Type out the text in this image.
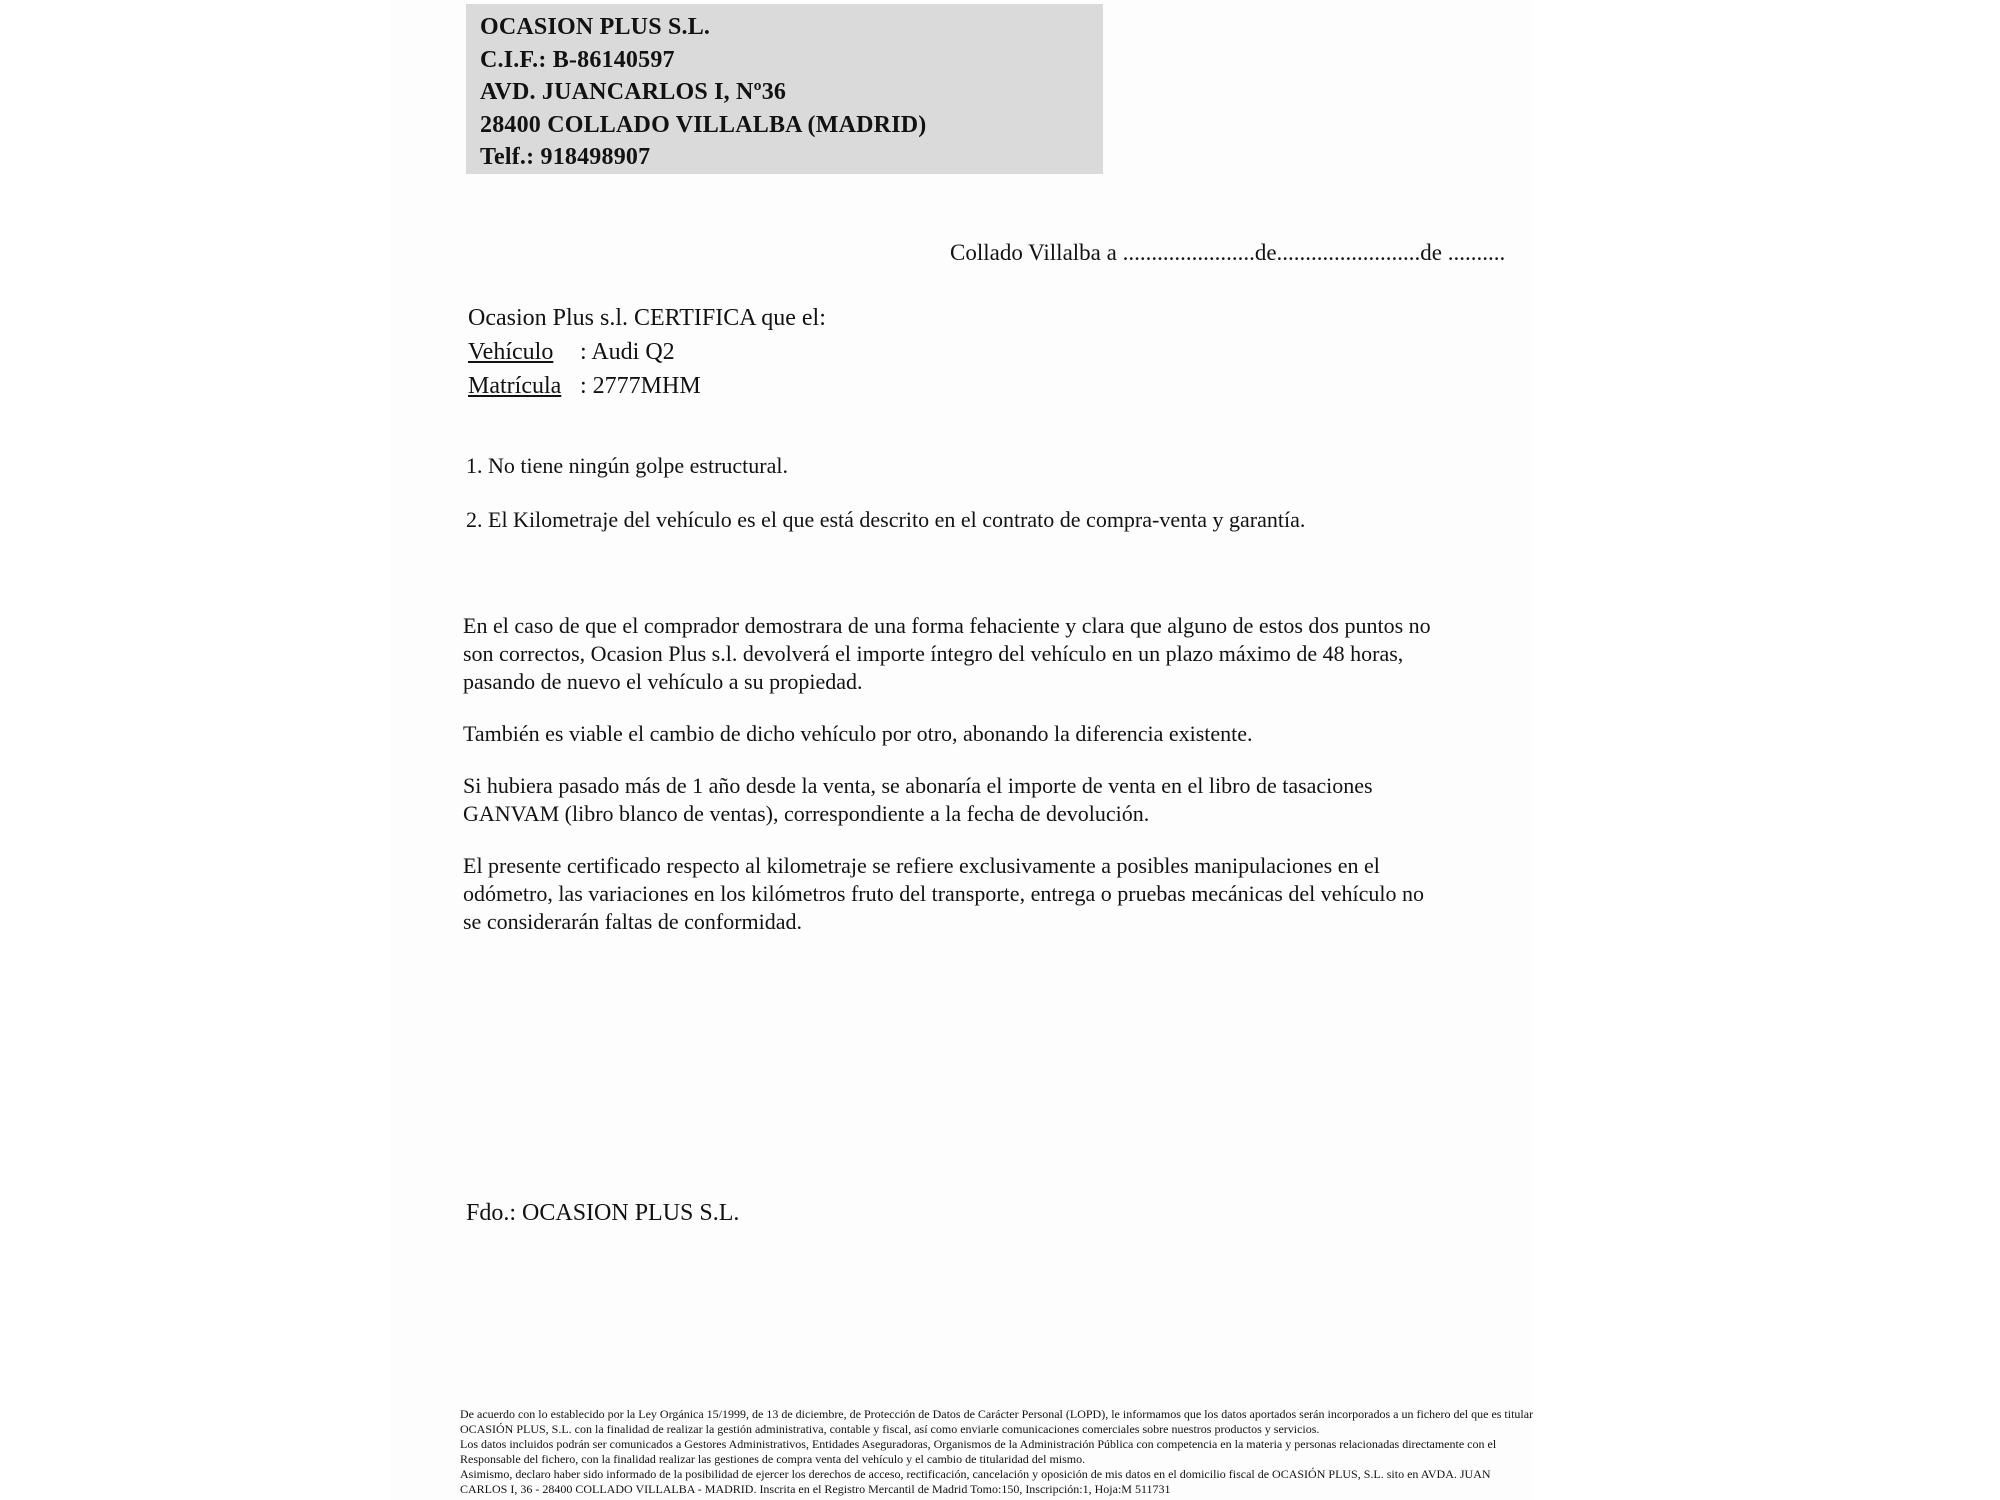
OCASION PLUS S.L.
C.I.F.: B-86140597
AVD. JUANCARLOS I, Nº36
28400 COLLADO VILLALBA (MADRID)
Telf.: 918498907
Collado Villalba a .......................de.........................de ..........
Ocasion Plus s.l. CERTIFICA que el:
Vehículo	: Audi Q2
Matrícula : 2777MHM
1. No tiene ningún golpe estructural.
2. El Kilometraje del vehículo es el que está descrito en el contrato de compra-venta y garantía.
En el caso de que el comprador demostrara de una forma fehaciente y clara que alguno de estos dos puntos no
son correctos, Ocasion Plus s.l. devolverá el importe íntegro del vehículo en un plazo máximo de 48 horas,
pasando de nuevo el vehículo a su propiedad.
También es viable el cambio de dicho vehículo por otro, abonando la diferencia existente.
Si hubiera pasado más de 1 año desde la venta, se abonaría el importe de venta en el libro de tasaciones
GANVAM (libro blanco de ventas), correspondiente a la fecha de devolución.
El presente certificado respecto al kilometraje se refiere exclusivamente a posibles manipulaciones en el
odómetro, las variaciones en los kilómetros fruto del transporte, entrega o pruebas mecánicas del vehículo no
se considerarán faltas de conformidad.
Fdo.: OCASION PLUS S.L.
De acuerdo con lo establecido por la Ley Orgánica 15/1999, de 13 de diciembre, de Protección de Datos de Carácter Personal (LOPD), le informamos que los datos aportados serán incorporados a un fichero del que es titular
OCASIÓN PLUS, S.L. con la finalidad de realizar la gestión administrativa, contable y fiscal, así como enviarle comunicaciones comerciales sobre nuestros productos y servicios.
Los datos incluidos podrán ser comunicados a Gestores Administrativos, Entidades Aseguradoras, Organismos de la Administración Pública con competencia en la materia y personas relacionadas directamente con el
Responsable del fichero, con la finalidad realizar las gestiones de compra venta del vehículo y el cambio de titularidad del mismo.
Asimismo, declaro haber sido informado de la posibilidad de ejercer los derechos de acceso, rectificación, cancelación y oposición de mis datos en el domicilio fiscal de OCASIÓN PLUS, S.L. sito en AVDA. JUAN
CARLOS I, 36 - 28400 COLLADO VILLALBA - MADRID. Inscrita en el Registro Mercantil de Madrid Tomo:150, Inscripción:1, Hoja:M 511731
